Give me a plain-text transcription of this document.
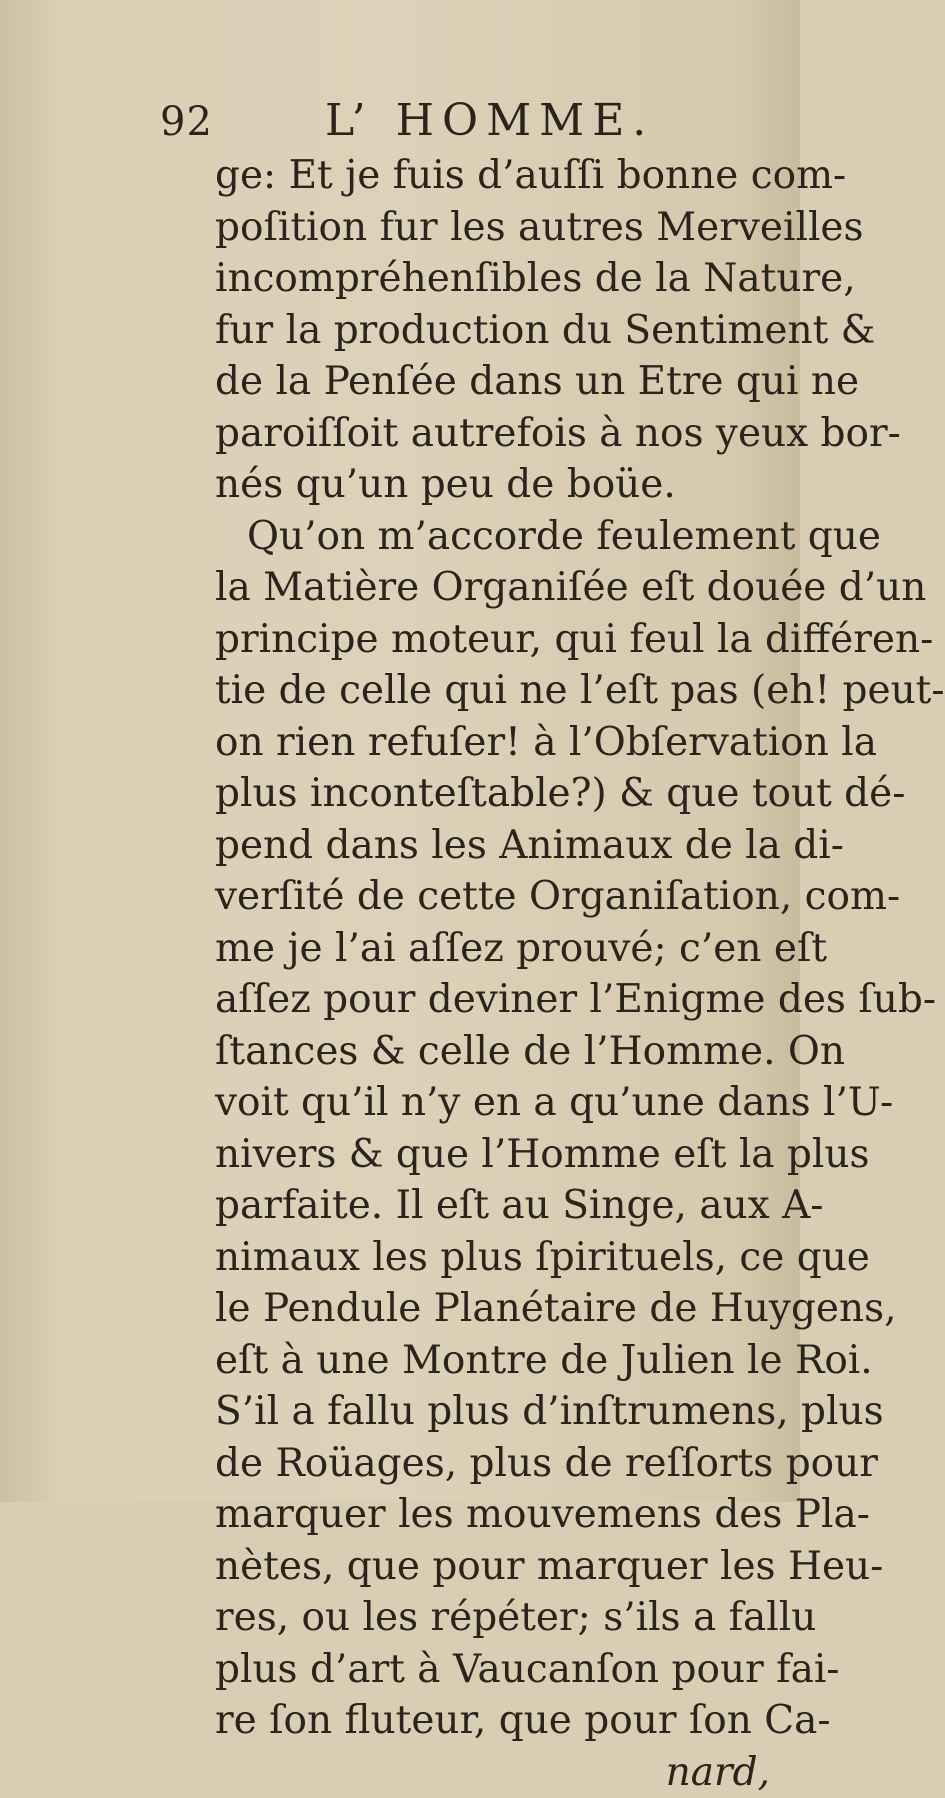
92	L’ HOMME.
ge: Et je fuis d’auſſi bonne com-
poſition fur les autres Merveilles
incompréhenſibles de la Nature,
fur la production du Sentiment &
de la Penſée dans un Etre qui ne
paroiſſoit autrefois à nos yeux bor-
nés qu’un peu de boüe.
Qu’on m’accorde feulement que
la Matière Organiſée eſt douée d’un
principe moteur, qui feul la différen-
tie de celle qui ne l’eſt pas (eh! peut-
on rien refuſer! à l’Obſervation la
plus inconteſtable?) & que tout dé-
pend dans les Animaux de la di-
verſité de cette Organiſation, com-
me je l’ai aſſez prouvé; c’en eſt
aſſez pour deviner l’Enigme des ſub-
ſtances & celle de l’Homme. On
voit qu’il n’y en a qu’une dans l’U-
nivers & que l’Homme eſt la plus
parfaite. Il eſt au Singe, aux A-
nimaux les plus ſpirituels, ce que
le Pendule Planétaire de Huygens,
eſt à une Montre de Julien le Roi.
S’il a fallu plus d’inſtrumens, plus
de Roüages, plus de reſſorts pour
marquer les mouvemens des Pla-
nètes, que pour marquer les Heu-
res, ou les répéter; s’ils a fallu
plus d’art à Vaucanſon pour fai-
re ſon fluteur, que pour ſon Ca-
nard,
